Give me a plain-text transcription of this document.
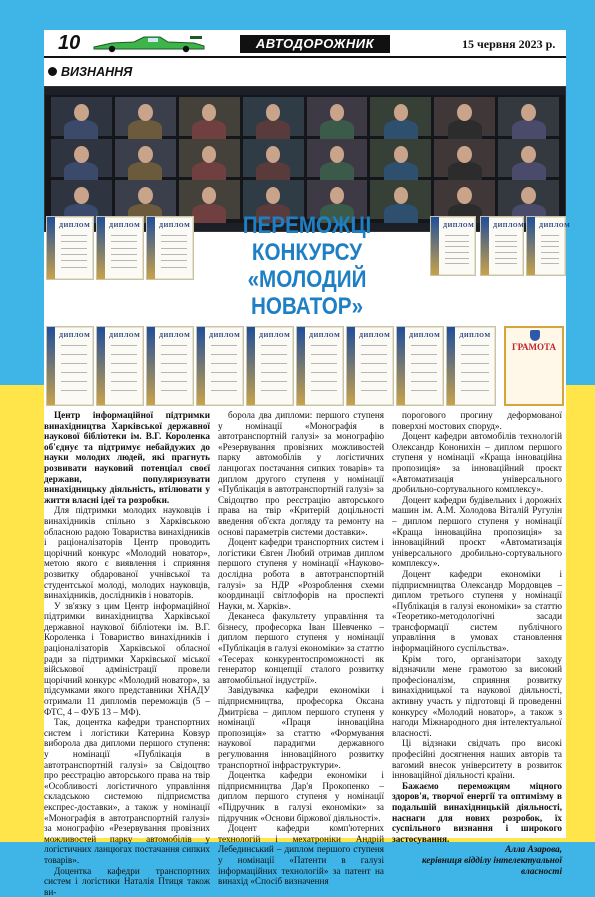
10	АВТОДОРОЖНИК	15 червня 2023 р.
ВИЗНАННЯ
ДИПЛОМ	ДИПЛОМ	ДИПЛОМ	ДИПЛОМ	ДИПЛОМ ДИПЛОМ
ДИПЛОМ	ДИПЛОМ	ДИПЛОМ	ДИПЛОМ	ДИПЛОМ	ДИПЛОМ	ДИПЛОМ	ДИПЛОМ	ДИПЛОМ
ПЕРЕМОЖЦІ
КОНКУРСУ
«МОЛОДИЙ НОВАТОР»
ГРАМОТА

Центр інформаційної підтримки винахідництва Харківської державної наукової бібліотеки ім. В.Г. Короленка об'єднує та підтримує небайдужих до науки молодих людей, які прагнуть розвивати науковий потенціал своєї держави, популяризувати винахідницьку діяльність, втілювати у життя власні ідеї та розробки.

Для підтримки молодих науковців і винахідників спільно з Харківською обласною радою Товариства винахідників і раціоналізаторів Центр проводить щорічний конкурс «Молодий новатор», метою якого є виявлення і сприяння розвитку обдарованої учнівської та студентської молоді, молодих науковців, винахідників, дослідників і новаторів.

У зв'язку з цим Центр інформаційної підтримки винахідництва Харківської державної наукової бібліотеки ім. В.Г. Короленка і Товариство винахідників і раціоналізаторів Харківської обласної ради за підтримки Харківської міської військової адміністрації провели щорічний конкурс «Молодий новатор», за підсумками якого представники ХНАДУ отримали 11 дипломів переможців (5 – ФТС, 4 – ФУБ 13 – МФ).

Так, доцентка кафедри транспортних систем і логістики Катерина Ковзур виборола два дипломи першого ступеня: у номінації «Публікація в автотранспортній галузі» за Свідоцтво про реєстрацію авторського права на твір «Особливості логістичного управління складською системою підприємства експрес-доставки», а також у номінації «Монографія в автотранспортній галузі» за монографію «Резервування провізних можливостей парку автомобілів у логістичних ланцюгах постачання сипких товарів».

Доцентка кафедри транспортних систем і логістики Наталія Птиця також ви-

борола два дипломи: першого ступеня у номінації «Монографія в автотранспортній галузі» за монографію «Резервування провізних можливостей парку автомобілів у логістичних ланцюгах постачання сипких товарів» та диплом другого ступеня у номінації «Публікація в автотранспортній галузі» за Свідоцтво про реєстрацію авторського права на твір «Критерій доцільності введення об'єкта догляду та ремонту на основі параметрів системи доставки».

Доцент кафедри транспортних систем і логістики Євген Любий отримав диплом першого ступеня у номінації «Науково-дослідна робота в автотранспортній галузі» за НДР «Розроблення схеми координації світлофорів на проспекті Науки, м. Харків».

Деканеса факультету управління та бізнесу, професорка Іван Шевченко – диплом першого ступеня у номінації «Публікація в галузі економіки» за статтю «Тесерах конкурентоспроможності як генератор концепції сталого розвитку автомобільної індустрії».

Завідувачка кафедри економіки і підприємництва, професорка Оксана Дмитрієва – диплом першого ступеня у номінації «Праця інноваційна пропозиція» за статтю «Формування наукової парадигми державного регулювання інноваційного розвитку транспортної інфраструктури».

Доцентка кафедри економіки і підприємництва Дар'я Прокопенко – диплом першого ступеня у номінації «Підручник в галузі економіки» за підручник «Основи біржової діяльності».

Доцент кафедри комп'ютерних технологій і мехатроніки Андрій Лебединський – диплом першого ступеня у номінації «Патенти в галузі інформаційних технологій» за патент на винахід «Спосіб визначення

порогового прогину деформованої поверхні мостових споруд».

Доцент кафедри автомобілів технологій Олександр Кононихін – диплом першого ступеня у номінації «Краща інноваційна пропозиція» за інноваційний проєкт «Автоматизація універсального дробильно-сортувального комплексу».

Доцент кафедри будівельних і дорожніх машин ім. А.М. Холодова Віталій Ругулін – диплом першого ступеня у номінації «Краща інноваційна пропозиція» за інноваційний проєкт «Автоматизація універсального дробильно-сортувального комплексу».

Доцент кафедри економіки і підприємництва Олександр Мордовцев – диплом третього ступеня у номінації «Публікація в галузі економіки» за статтю «Теоретико-методологічні засади трансформації систем публічного управління в умовах становлення інформаційного суспільства».

Крім того, організатори заходу відзначили мене грамотою за високий професіоналізм, сприяння розвитку винахідницької та наукової діяльності, активну участь у підготовці й проведенні конкурсу «Молодий новатор», а також з нагоди Міжнародного дня інтелектуальної власності.

Ці відзнаки свідчать про високі професійні досягнення наших авторів та вагомий внесок університету в розвиток інноваційної діяльності країни.

Бажаємо переможцям міцного здоров'я, творчої енергії та оптимізму в подальшій винахідницькій діяльності, наснаги для нових розробок, їх суспільного визнання і широкого застосування.

Алла Азарова,

керівниця відділу інтелектуальної власності
